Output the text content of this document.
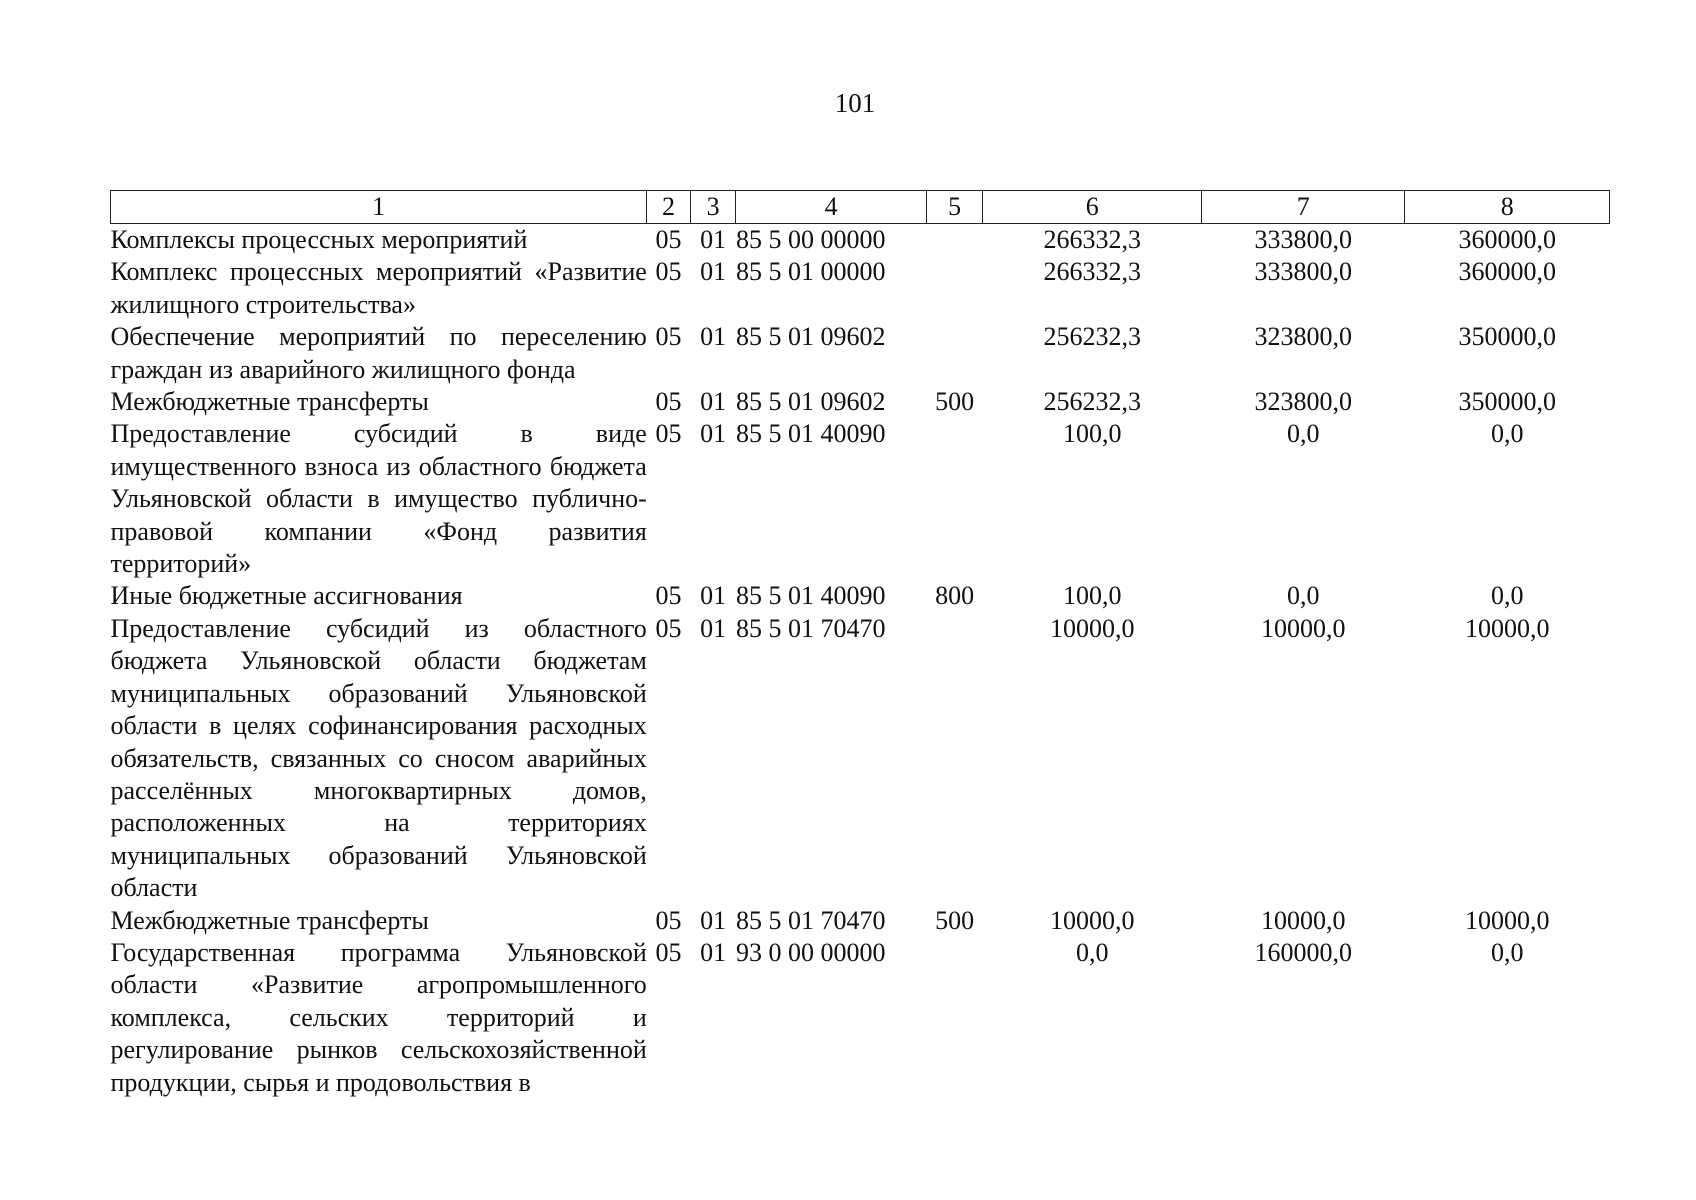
101
1	2	3	4	5	6	7	8
Комплексы процессных мероприятий	05	01	85 5 00 00000		266332,3	333800,0	360000,0
Комплекс процессных мероприятий «Развитие жилищного строительства»	05	01	85 5 01 00000		266332,3	333800,0	360000,0
Обеспечение мероприятий по переселению граждан из аварийного жилищного фонда	05	01	85 5 01 09602		256232,3	323800,0	350000,0
Межбюджетные трансферты	05	01	85 5 01 09602	500	256232,3	323800,0	350000,0
Предоставление субсидий в виде имущественного взноса из областного бюджета Ульяновской области в имущество публично-правовой компании «Фонд развития территорий»	05	01	85 5 01 40090		100,0	0,0	0,0
Иные бюджетные ассигнования	05	01	85 5 01 40090	800	100,0	0,0	0,0
Предоставление субсидий из областного бюджета Ульяновской области бюджетам муниципальных образований Ульяновской области в целях софинансирования расходных обязательств, связанных со сносом аварийных расселённых многоквартирных домов, расположенных на территориях муниципальных образований Ульяновской области	05	01	85 5 01 70470		10000,0	10000,0	10000,0
Межбюджетные трансферты	05	01	85 5 01 70470	500	10000,0	10000,0	10000,0
Государственная программа Ульяновской области «Развитие агропромышленного комплекса, сельских территорий и регулирование рынков сельскохозяйственной продукции, сырья и продовольствия в	05	01	93 0 00 00000		0,0	160000,0	0,0
